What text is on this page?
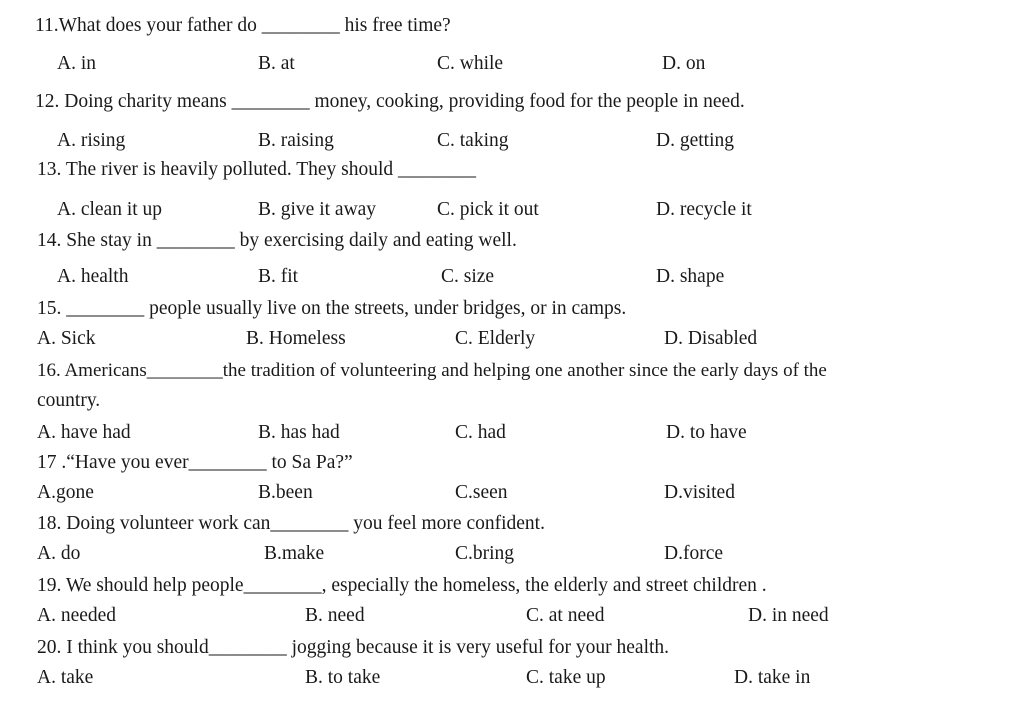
11.What does your father do ________ his free time?
A. in	B. at	C. while	D. on
12. Doing charity means ________ money, cooking, providing food for the people in need.
A. rising	B. raising	C. taking	D. getting
13. The river is heavily polluted. They should ________
A. clean it up	B. give it away	C. pick it out	D. recycle it
14. She stay in ________ by exercising daily and eating well.
A. health	B. fit	C. size	D. shape
15. ________ people usually live on the streets, under bridges, or in camps.
A. Sick	B. Homeless	C. Elderly	D. Disabled
16. Americans________the tradition of volunteering and helping one another since the early days of the
country.
A. have had	B. has had	C. had	D. to have
17 .“Have you ever________ to Sa Pa?”
A.gone	B.been	C.seen	D.visited
18. Doing volunteer work can________ you feel more confident.
A. do	B.make	C.bring	D.force
19. We should help people________, especially the homeless, the elderly and street children .
A. needed	B. need	C. at need	D. in need
20. I think you should________ jogging because it is very useful for your health.
A. take	B. to take	C. take up	D. take in
